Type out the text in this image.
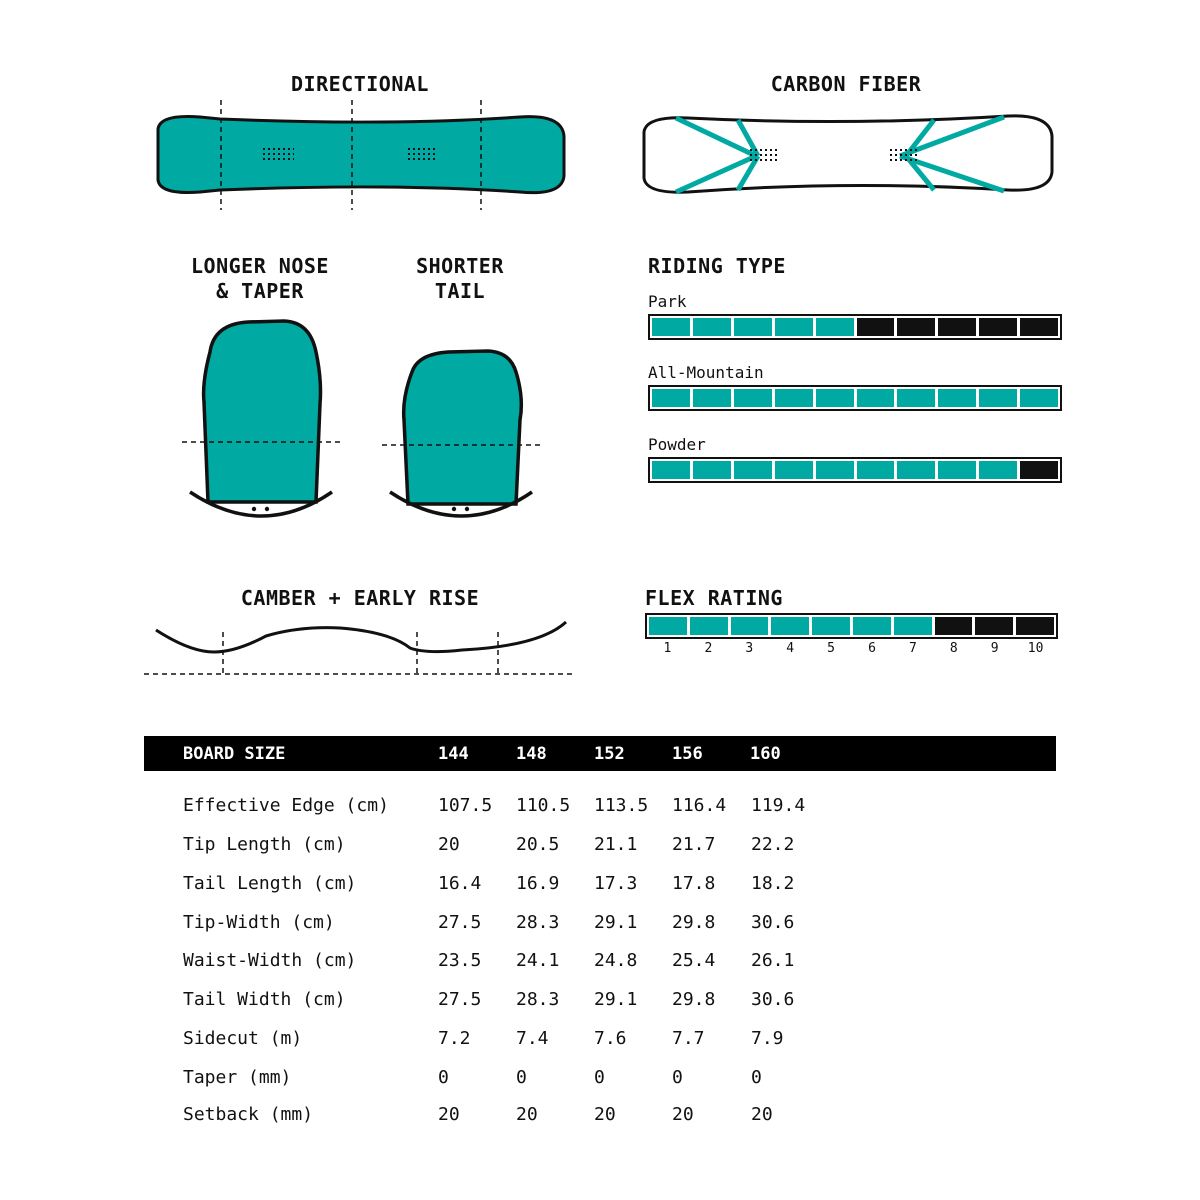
DIRECTIONAL	CARBON FIBER
LONGER NOSE
& TAPER
SHORTER
TAIL
RIDING TYPE
Park
All-Mountain
Powder
CAMBER + EARLY RISE	FLEX RATING
1	2	3	4	5	6	7	8	9	10
BOARD SIZE	144	148	152	156	160
Effective Edge (cm)	107.5 110.5 113.5 116.4 119.4
Tip Length (cm)	20	20.5 21.1 21.7 22.2
Tail Length (cm)	16.4 16.9 17.3 17.8 18.2
Tip-Width (cm)	27.5 28.3 29.1 29.8 30.6
Waist-Width (cm)	23.5 24.1 24.8 25.4 26.1
Tail Width (cm)	27.5 28.3 29.1 29.8 30.6
Sidecut (m)	7.2	7.4	7.6	7.7	7.9
Taper (mm)	0	0	0	0	0
Setback (mm)	20	20	20	20	20
